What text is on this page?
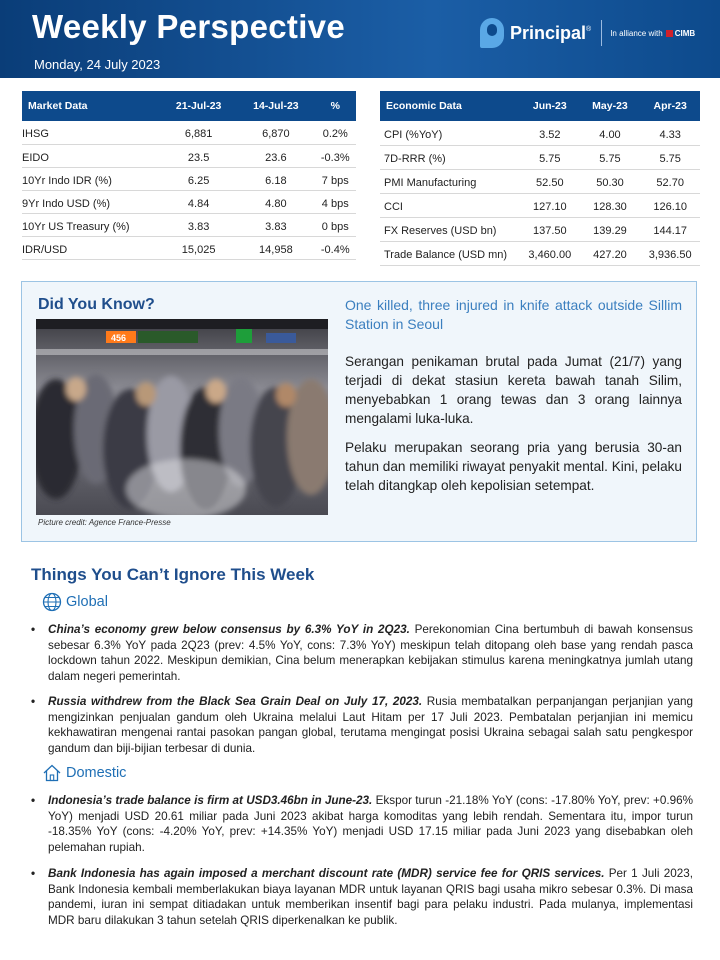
Weekly Perspective
Monday, 24 July 2023
Principal ® In alliance with	CIMB
Market Data	21-Jul-23	14-Jul-23	%
IHSG	6,881	6,870	0.2%
EIDO	23.5	23.6	-0.3%
10Yr Indo IDR (%)	6.25	6.18	7 bps
9Yr Indo USD (%)	4.84	4.80	4 bps
10Yr US Treasury (%)	3.83	3.83	0 bps
IDR/USD	15,025	14,958	-0.4%
Economic Data	Jun-23	May-23	Apr-23
CPI (%YoY)	3.52	4.00	4.33
7D-RRR (%)	5.75	5.75	5.75
PMI Manufacturing	52.50	50.30	52.70
CCI	127.10	128.30	126.10
FX Reserves (USD bn)	137.50	139.29	144.17
Trade Balance (USD mn)	3,460.00	427.20	3,936.50
Did You Know?
456
Picture credit: Agence France-Presse
One killed, three injured in knife attack outside Sillim Station in Seoul
Serangan penikaman brutal pada Jumat (21/7) yang terjadi di dekat stasiun kereta bawah tanah Silim, menyebabkan 1 orang tewas dan 3 orang lainnya mengalami luka-luka.
Pelaku merupakan seorang pria yang berusia 30-an tahun dan memiliki riwayat penyakit mental. Kini, pelaku telah ditangkap oleh kepolisian setempat.
Things You Can’t Ignore This Week
Global
• China’s economy grew below consensus by 6.3% YoY in 2Q23. Perekonomian Cina bertumbuh di bawah konsensus sebesar 6.3% YoY pada 2Q23 (prev: 4.5% YoY, cons: 7.3% YoY) meskipun telah ditopang oleh base yang rendah pasca lockdown tahun 2022. Meskipun demikian, Cina belum menerapkan kebijakan stimulus karena meningkatnya jumlah utang dalam negeri pemerintah.
• Russia withdrew from the Black Sea Grain Deal on July 17, 2023. Rusia membatalkan perpanjangan perjanjian yang mengizinkan penjualan gandum oleh Ukraina melalui Laut Hitam per 17 Juli 2023. Pembatalan perjanjian ini memicu kekhawatiran mengenai rantai pasokan pangan global, terutama mengingat posisi Ukraina sebagai salah satu pengkespor gandum dan biji-bijian terbesar di dunia.
Domestic
• Indonesia’s trade balance is firm at USD3.46bn in June-23. Ekspor turun -21.18% YoY (cons: -17.80% YoY, prev: +0.96% YoY) menjadi USD 20.61 miliar pada Juni 2023 akibat harga komoditas yang lebih rendah. Sementara itu, impor turun -18.35% YoY (cons: -4.20% YoY, prev: +14.35% YoY) menjadi USD 17.15 miliar pada Juni 2023 yang disebabkan oleh pelemahan rupiah.
• Bank Indonesia has again imposed a merchant discount rate (MDR) service fee for QRIS services. Per 1 Juli 2023, Bank Indonesia kembali memberlakukan biaya layanan MDR untuk layanan QRIS bagi usaha mikro sebesar 0.3%. Di masa pandemi, iuran ini sempat ditiadakan untuk memberikan insentif bagi para pelaku industri. Pada mulanya, implementasi MDR baru dilakukan 3 tahun setelah QRIS diperkenalkan ke publik.
